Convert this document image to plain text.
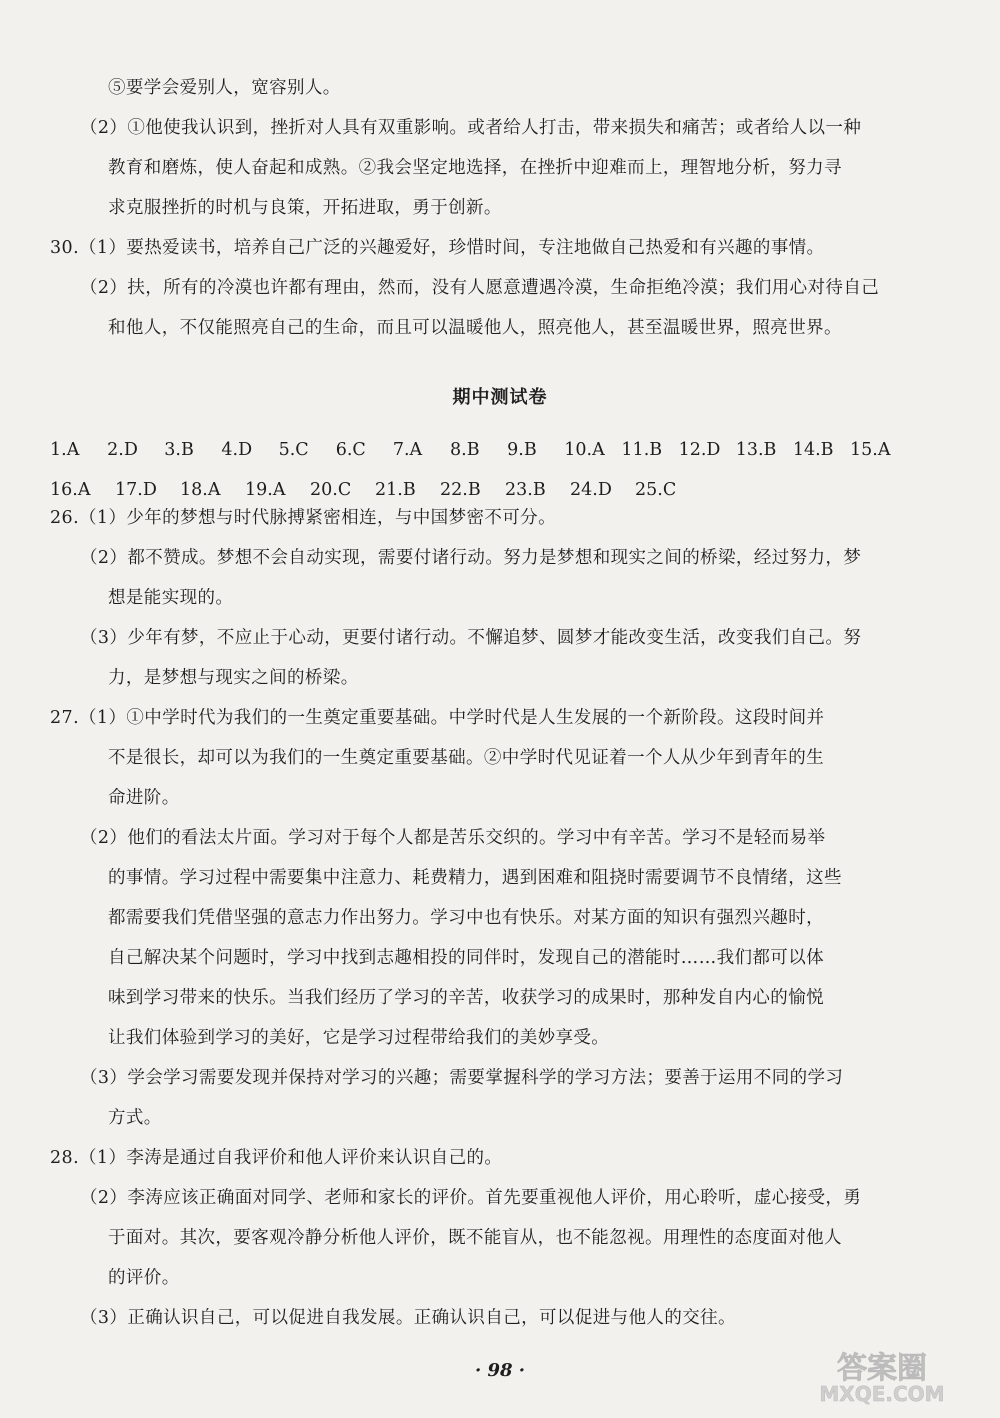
⑤要学会爱别人，宽容别人。
（2）①他使我认识到，挫折对人具有双重影响。或者给人打击，带来损失和痛苦；或者给人以一种
教育和磨炼，使人奋起和成熟。②我会坚定地选择，在挫折中迎难而上，理智地分析，努力寻
求克服挫折的时机与良策，开拓进取，勇于创新。
30.（1）要热爱读书，培养自己广泛的兴趣爱好，珍惜时间，专注地做自己热爱和有兴趣的事情。
（2）扶，所有的冷漠也许都有理由，然而，没有人愿意遭遇冷漠，生命拒绝冷漠；我们用心对待自己
和他人，不仅能照亮自己的生命，而且可以温暖他人，照亮他人，甚至温暖世界，照亮世界。
期中测试卷
1.A 2.D 3.B 4.D 5.C 6.C 7.A 8.B 9.B 10.A 11.B 12.D 13.B 14.B 15.A
16.A 17.D 18.A 19.A 20.C 21.B 22.B 23.B 24.D 25.C
26.（1）少年的梦想与时代脉搏紧密相连，与中国梦密不可分。
（2）都不赞成。梦想不会自动实现，需要付诸行动。努力是梦想和现实之间的桥梁，经过努力，梦
想是能实现的。
（3）少年有梦，不应止于心动，更要付诸行动。不懈追梦、圆梦才能改变生活，改变我们自己。努
力，是梦想与现实之间的桥梁。
27.（1）①中学时代为我们的一生奠定重要基础。中学时代是人生发展的一个新阶段。这段时间并
不是很长，却可以为我们的一生奠定重要基础。②中学时代见证着一个人从少年到青年的生
命进阶。
（2）他们的看法太片面。学习对于每个人都是苦乐交织的。学习中有辛苦。学习不是轻而易举
的事情。学习过程中需要集中注意力、耗费精力，遇到困难和阻挠时需要调节不良情绪，这些
都需要我们凭借坚强的意志力作出努力。学习中也有快乐。对某方面的知识有强烈兴趣时，
自己解决某个问题时，学习中找到志趣相投的同伴时，发现自己的潜能时……我们都可以体
味到学习带来的快乐。当我们经历了学习的辛苦，收获学习的成果时，那种发自内心的愉悦
让我们体验到学习的美好，它是学习过程带给我们的美妙享受。
（3）学会学习需要发现并保持对学习的兴趣；需要掌握科学的学习方法；要善于运用不同的学习
方式。
28.（1）李涛是通过自我评价和他人评价来认识自己的。
（2）李涛应该正确面对同学、老师和家长的评价。首先要重视他人评价，用心聆听，虚心接受，勇
于面对。其次，要客观冷静分析他人评价，既不能盲从，也不能忽视。用理性的态度面对他人
的评价。
（3）正确认识自己，可以促进自我发展。正确认识自己，可以促进与他人的交往。
· 98 ·	答案圈
MXQE.COM
